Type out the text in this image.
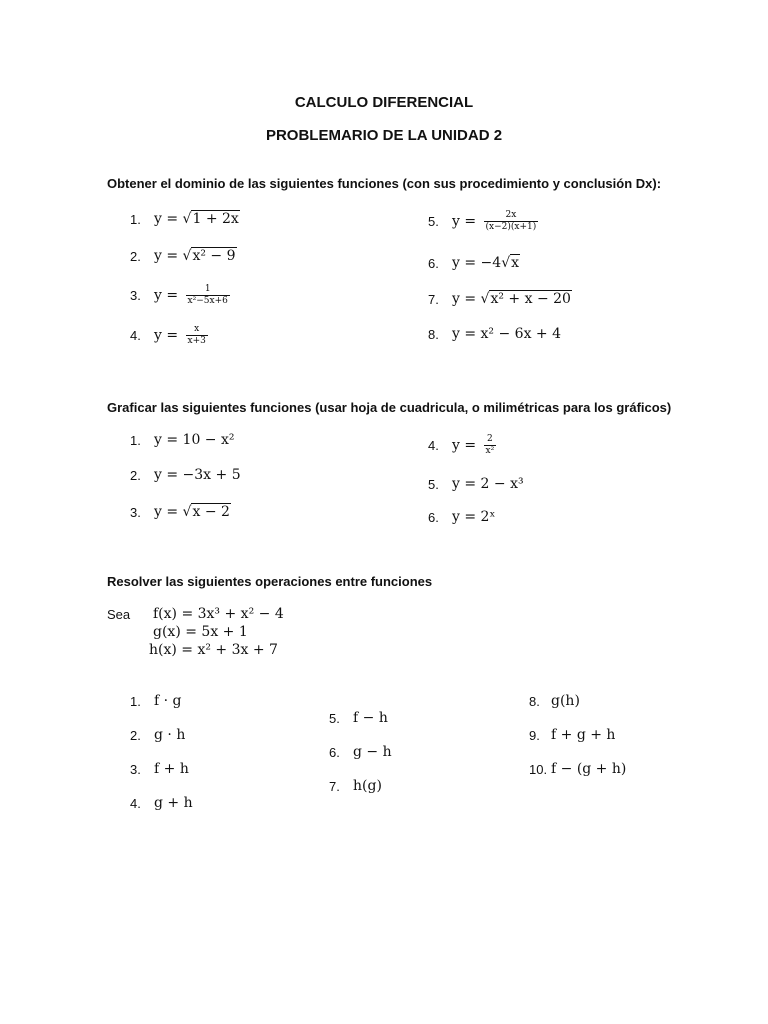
CALCULO DIFERENCIAL
PROBLEMARIO DE LA UNIDAD 2
Obtener el dominio de las siguientes funciones (con sus procedimiento y conclusión Dx):
1. y = √1 + 2x
2. y = √x² − 9
3. $y = \frac{1}{\text{x²−5x+6}}$
4. $y = \frac{x}{x+3}$
5. $y = \frac{2x}{(x-2)(x+1)}$
6. y = −4√x
7. y = √x² + x − 20
8. y = x² − 6x + 4
Graficar las siguientes funciones (usar hoja de cuadricula, o milimétricas para los gráficos)
1. y = 10 − x²
2. y = −3x + 5
3. y = √x − 2
4. $y = \frac{2}{\text{x²}}$
5. y = 2 − x³
6. y = 2ˣ
Resolver las siguientes operaciones entre funciones
Sea f(x) = 3x³ + x² − 4
g(x) = 5x + 1
h(x) = x² + 3x + 7
1. f · g
2. g · h
3. f + h
4. g + h
5. f − h
6. g − h
7. h(g)
8. g(h)
9. f + g + h
10. f − (g + h)
